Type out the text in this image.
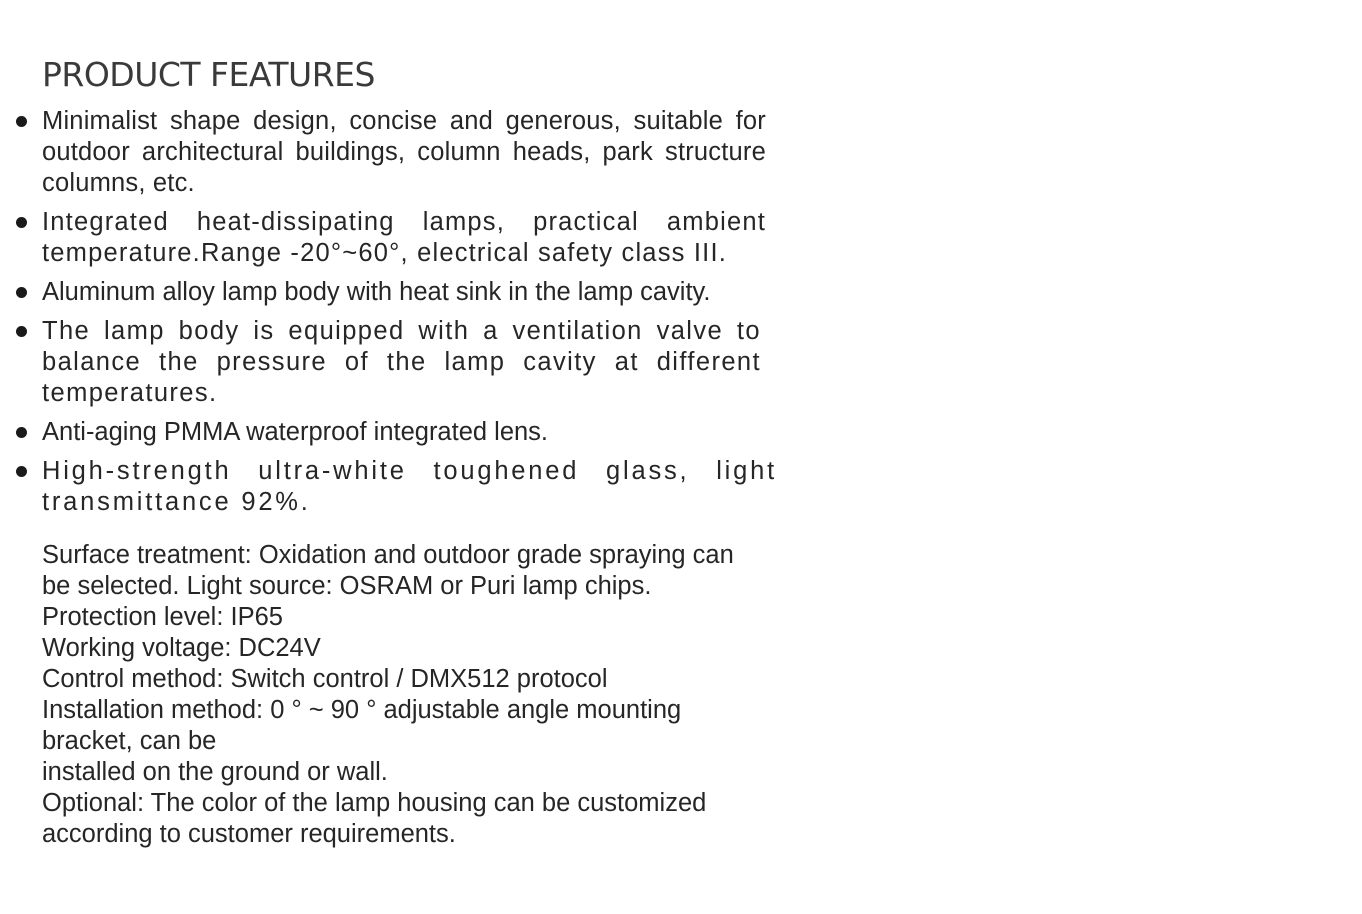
PRODUCT FEATURES
Minimalist shape design, concise and generous, suitable for outdoor architectural buildings, column heads, park structure columns, etc.
Integrated heat-dissipating lamps, practical ambient temperature.Range -20°~60°, electrical safety class III.
Aluminum alloy lamp body with heat sink in the lamp cavity.
The lamp body is equipped with a ventilation valve to balance the pressure of the lamp cavity at different temperatures.
Anti-aging PMMA waterproof integrated lens.
High-strength ultra-white toughened glass, light transmittance 92%.
Surface treatment: Oxidation and outdoor grade spraying can be selected. Light source: OSRAM or Puri lamp chips.
Protection level: IP65
Working voltage: DC24V
Control method: Switch control / DMX512 protocol
Installation method: 0 ° ~ 90 ° adjustable angle mounting bracket, can be
installed on the ground or wall.
Optional: The color of the lamp housing can be customized according to customer requirements.
